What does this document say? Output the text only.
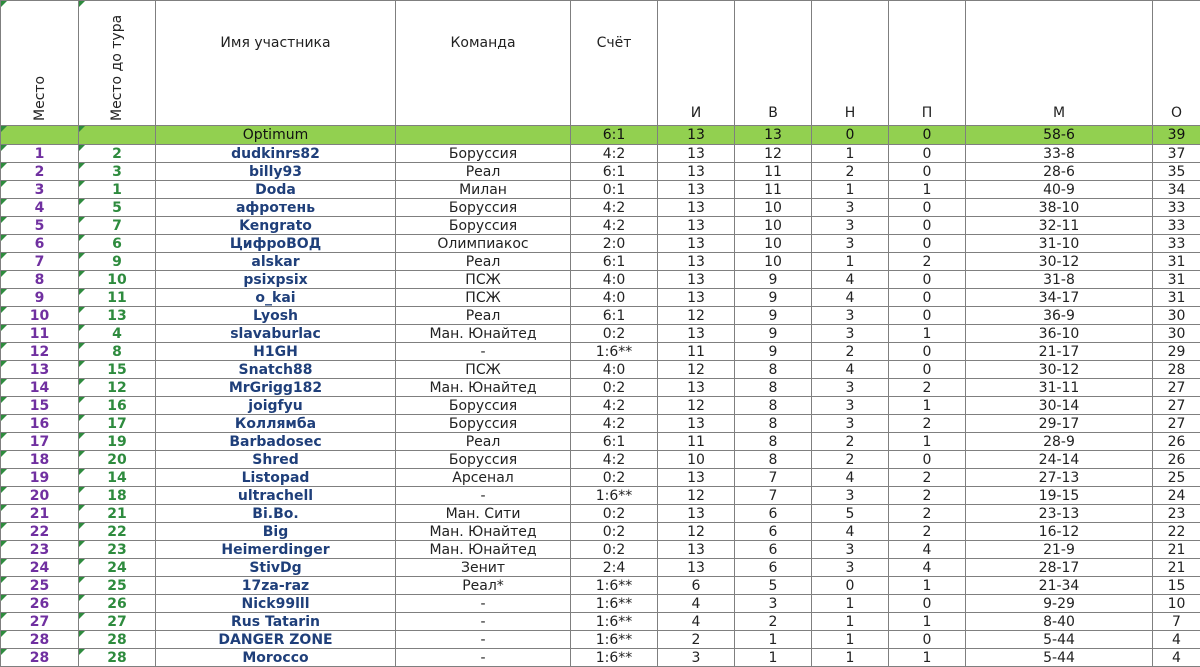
Место	Место до тура	Имя участника	Команда	Счёт	И	В	Н	П	М	О
		Optimum		6:1	13	13	0	0	58-6	39
1	2	dudkinrs82	Боруссия	4:2	13	12	1	0	33-8	37
2	3	billy93	Реал	6:1	13	11	2	0	28-6	35
3	1	Doda	Милан	0:1	13	11	1	1	40-9	34
4	5	афротень	Боруссия	4:2	13	10	3	0	38-10	33
5	7	Kengrato	Боруссия	4:2	13	10	3	0	32-11	33
6	6	ЦифроВОД	Олимпиакос	2:0	13	10	3	0	31-10	33
7	9	alskar	Реал	6:1	13	10	1	2	30-12	31
8	10	psixpsix	ПСЖ	4:0	13	9	4	0	31-8	31
9	11	o_kai	ПСЖ	4:0	13	9	4	0	34-17	31
10	13	Lyosh	Реал	6:1	12	9	3	0	36-9	30
11	4	slavaburlac	Ман. Юнайтед	0:2	13	9	3	1	36-10	30
12	8	H1GH	-	1:6**	11	9	2	0	21-17	29
13	15	Snatch88	ПСЖ	4:0	12	8	4	0	30-12	28
14	12	MrGrigg182	Ман. Юнайтед	0:2	13	8	3	2	31-11	27
15	16	joigfyu	Боруссия	4:2	12	8	3	1	30-14	27
16	17	Коллямба	Боруссия	4:2	13	8	3	2	29-17	27
17	19	Barbadosec	Реал	6:1	11	8	2	1	28-9	26
18	20	Shred	Боруссия	4:2	10	8	2	0	24-14	26
19	14	Listopad	Арсенал	0:2	13	7	4	2	27-13	25
20	18	ultrachell	-	1:6**	12	7	3	2	19-15	24
21	21	Bi.Bo.	Ман. Сити	0:2	13	6	5	2	23-13	23
22	22	Big	Ман. Юнайтед	0:2	12	6	4	2	16-12	22
23	23	Heimerdinger	Ман. Юнайтед	0:2	13	6	3	4	21-9	21
24	24	StivDg	Зенит	2:4	13	6	3	4	28-17	21
25	25	17za-raz	Реал*	1:6**	6	5	0	1	21-34	15
26	26	Nick99lll	-	1:6**	4	3	1	0	9-29	10
27	27	Rus Tatarin	-	1:6**	4	2	1	1	8-40	7
28	28	DANGER ZONE	-	1:6**	2	1	1	0	5-44	4
28	28	Morocco	-	1:6**	3	1	1	1	5-44	4
